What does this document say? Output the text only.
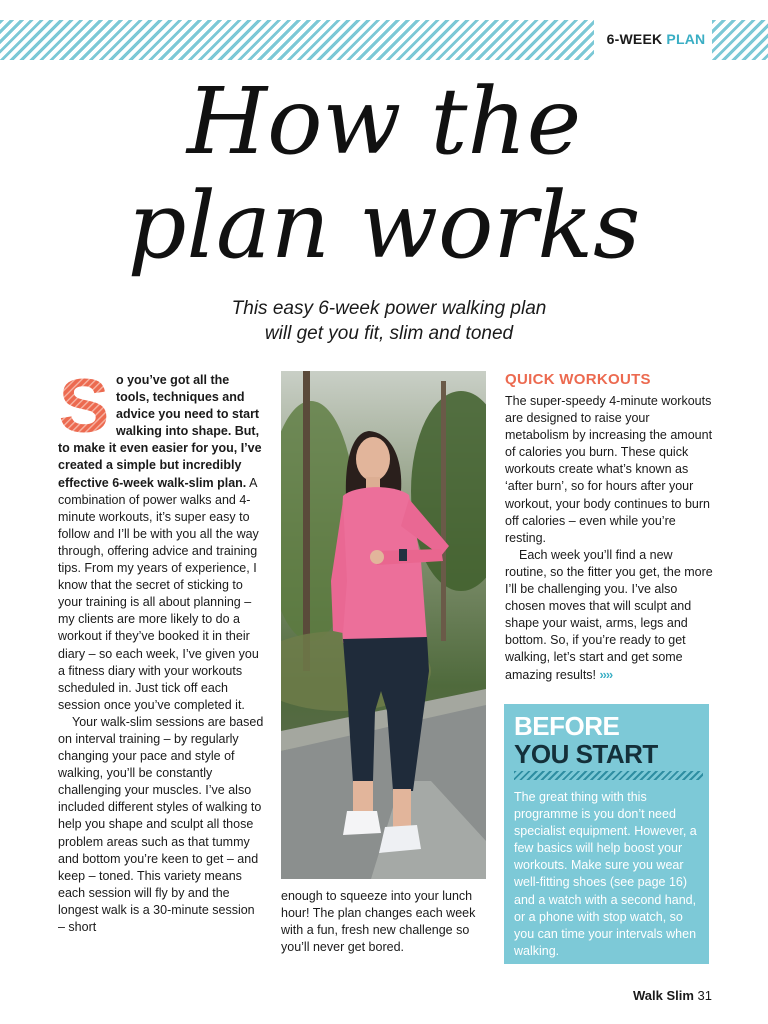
6-WEEK PLAN
How the
plan works
This easy 6-week power walking plan
will get you fit, slim and toned
S o you’ve got all the tools, techniques and advice you need to start walking into shape. But, to make it even easier for you, I’ve created a simple but incredibly effective 6-week walk-slim plan. A combination of power walks and 4-minute workouts, it’s super easy to follow and I’ll be with you all the way through, offering advice and training tips. From my years of experience, I know that the secret of sticking to your training is all about planning – my clients are more likely to do a workout if they’ve booked it in their diary – so each week, I’ve given you a fitness diary with your workouts scheduled in. Just tick off each session once you’ve completed it.

Your walk-slim sessions are based on interval training – by regularly changing your pace and style of walking, you’ll be constantly challenging your muscles. I’ve also included different styles of walking to help you shape and sculpt all those problem areas such as that tummy and bottom you’re keen to get – and keep – toned. This variety means each session will fly by and the longest walk is a 30-minute session – short

enough to squeeze into your lunch hour! The plan changes each week with a fun, fresh new challenge so you’ll never get bored.

QUICK WORKOUTS

The super-speedy 4-minute workouts are designed to raise your metabolism by increasing the amount of calories you burn. These quick workouts create what’s known as ‘after burn’, so for hours after your workout, your body continues to burn off calories – even while you’re resting.

Each week you’ll find a new routine, so the fitter you get, the more I’ll be challenging you. I’ve also chosen moves that will sculpt and shape your waist, arms, legs and bottom. So, if you’re ready to get walking, let’s start and get some amazing results! ››››

BEFORE
YOU START
The great thing with this programme is you don’t need specialist equipment. However, a few basics will help boost your workouts. Make sure you wear well-fitting shoes (see page 16) and a watch with a second hand, or a phone with stop watch, so you can time your intervals when walking.
Walk Slim 31
